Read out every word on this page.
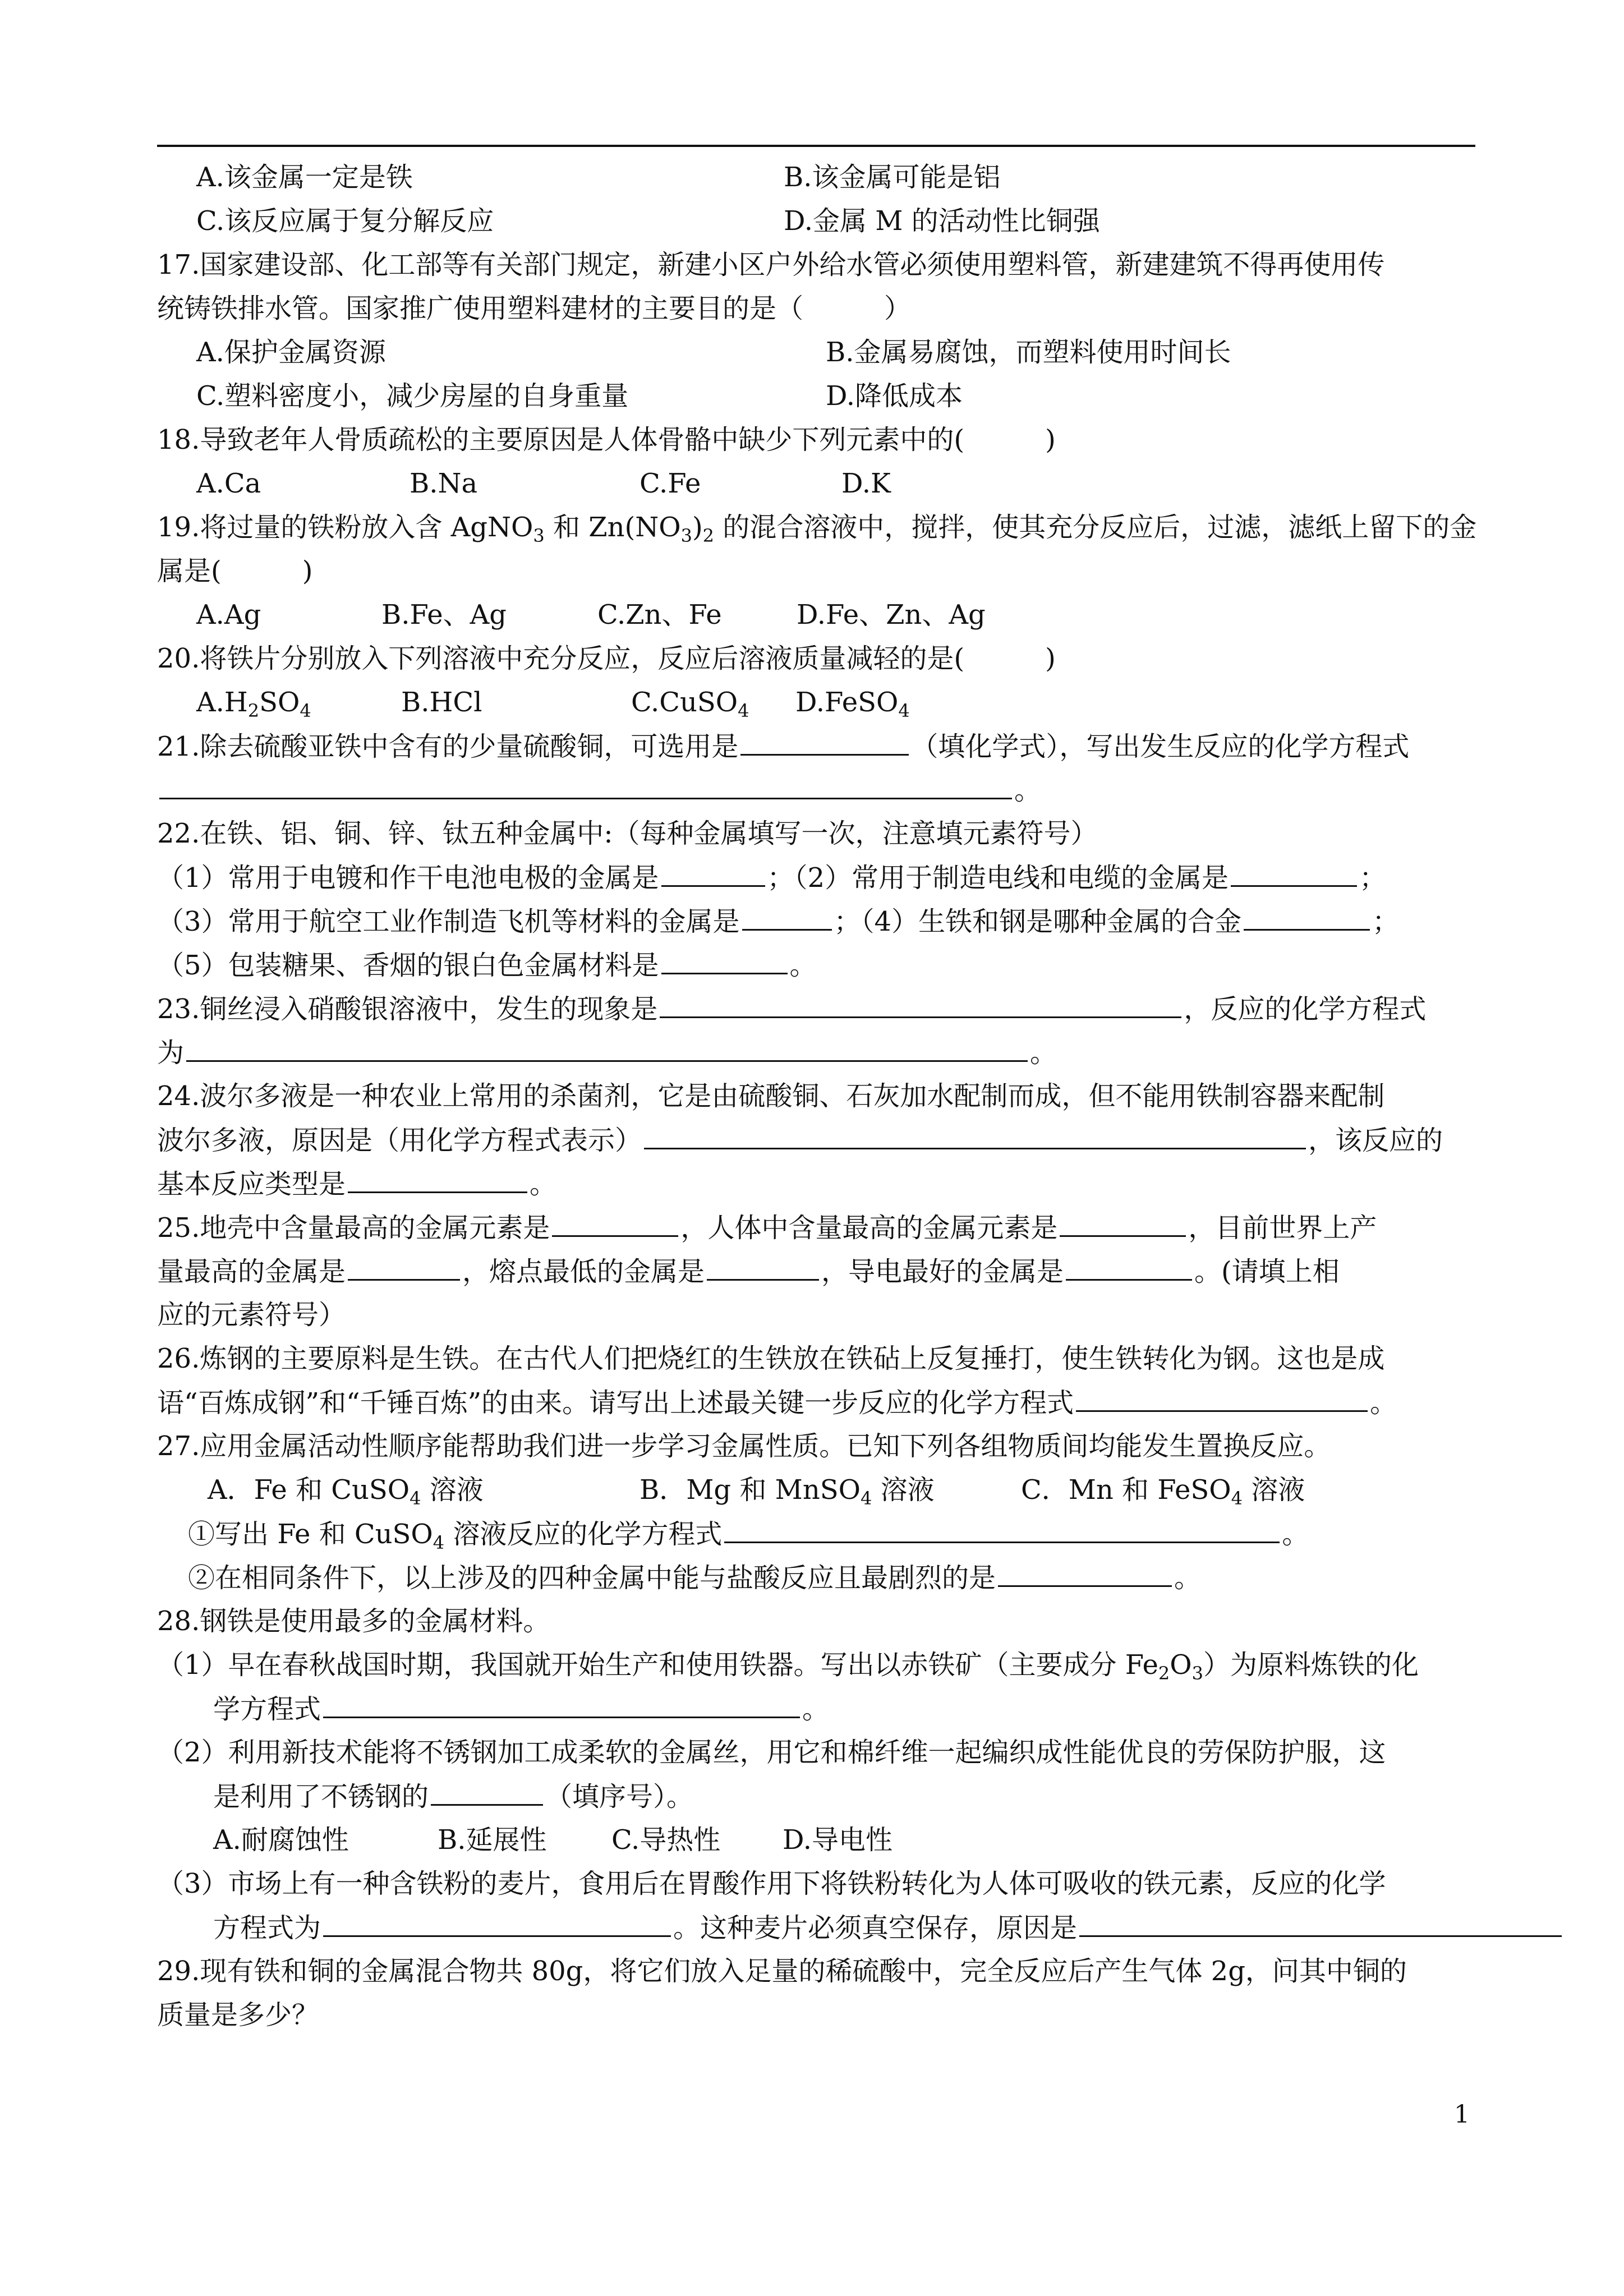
A.该金属一定是铁	B.该金属可能是铝
C.该反应属于复分解反应	D.金属 M 的活动性比铜强
17.国家建设部、化工部等有关部门规定，新建小区户外给水管必须使用塑料管，新建建筑不得再使用传
统铸铁排水管。国家推广使用塑料建材的主要目的是（　　　）
A.保护金属资源	B.金属易腐蚀，而塑料使用时间长
C.塑料密度小，减少房屋的自身重量	D.降低成本
18.导致老年人骨质疏松的主要原因是人体骨骼中缺少下列元素中的(　　　)
A.Ca	B.Na	C.Fe	D.K
19.将过量的铁粉放入含 AgNO$_3$ 和 $Zn(NO_3)_2$ 的混合溶液中，搅拌，使其充分反应后，过滤，滤纸上留下的金
属是(　　　)
A.Ag	B.Fe、Ag	C.Zn、Fe	D.Fe、Zn、Ag
20.将铁片分别放入下列溶液中充分反应，反应后溶液质量减轻的是(　　　)
$A.H_2SO_4$	B.HCl	C.CuSO$_4$ D.FeSO$_4$
21.除去硫酸亚铁中含有的少量硫酸铜，可选用是	（填化学式），写出发生反应的化学方程式
。
22.在铁、铝、铜、锌、钛五种金属中:（每种金属填写一次，注意填元素符号）
（1）常用于电镀和作干电池电极的金属是	；（2）常用于制造电线和电缆的金属是	；
（3）常用于航空工业作制造飞机等材料的金属是	；（4）生铁和钢是哪种金属的合金	；
（5）包装糖果、香烟的银白色金属材料是	。
23.铜丝浸入硝酸银溶液中，发生的现象是	，反应的化学方程式
为	。
24.波尔多液是一种农业上常用的杀菌剂，它是由硫酸铜、石灰加水配制而成，但不能用铁制容器来配制
波尔多液，原因是（用化学方程式表示）	，该反应的
基本反应类型是	。
25.地壳中含量最高的金属元素是	，人体中含量最高的金属元素是	，目前世界上产
量最高的金属是	，熔点最低的金属是	，导电最好的金属是	。(请填上相
应的元素符号）
26.炼钢的主要原料是生铁。在古代人们把烧红的生铁放在铁砧上反复捶打，使生铁转化为钢。这也是成
语“百炼成钢”和“千锤百炼”的由来。请写出上述最关键一步反应的化学方程式	。
27.应用金属活动性顺序能帮助我们进一步学习金属性质。已知下列各组物质间均能发生置换反应。
A．Fe 和 CuSO$_4$ 溶液	B．Mg 和 MnSO$_4$ 溶液	C．Mn 和 FeSO$_4$ 溶液
①写出 Fe 和 CuSO$_4$ 溶液反应的化学方程式	。
②在相同条件下，以上涉及的四种金属中能与盐酸反应且最剧烈的是	。
28.钢铁是使用最多的金属材料。
（1）早在春秋战国时期，我国就开始生产和使用铁器。写出以赤铁矿（主要成分 $Fe_2O_3$）为原料炼铁的化
学方程式	。
（2）利用新技术能将不锈钢加工成柔软的金属丝，用它和棉纤维一起编织成性能优良的劳保防护服，这
是利用了不锈钢的	（填序号）。
A.耐腐蚀性	B.延展性 C.导热性 D.导电性
（3）市场上有一种含铁粉的麦片，食用后在胃酸作用下将铁粉转化为人体可吸收的铁元素，反应的化学
方程式为	。这种麦片必须真空保存，原因是
29.现有铁和铜的金属混合物共 80g，将它们放入足量的稀硫酸中，完全反应后产生气体 2g，问其中铜的
质量是多少？
1
